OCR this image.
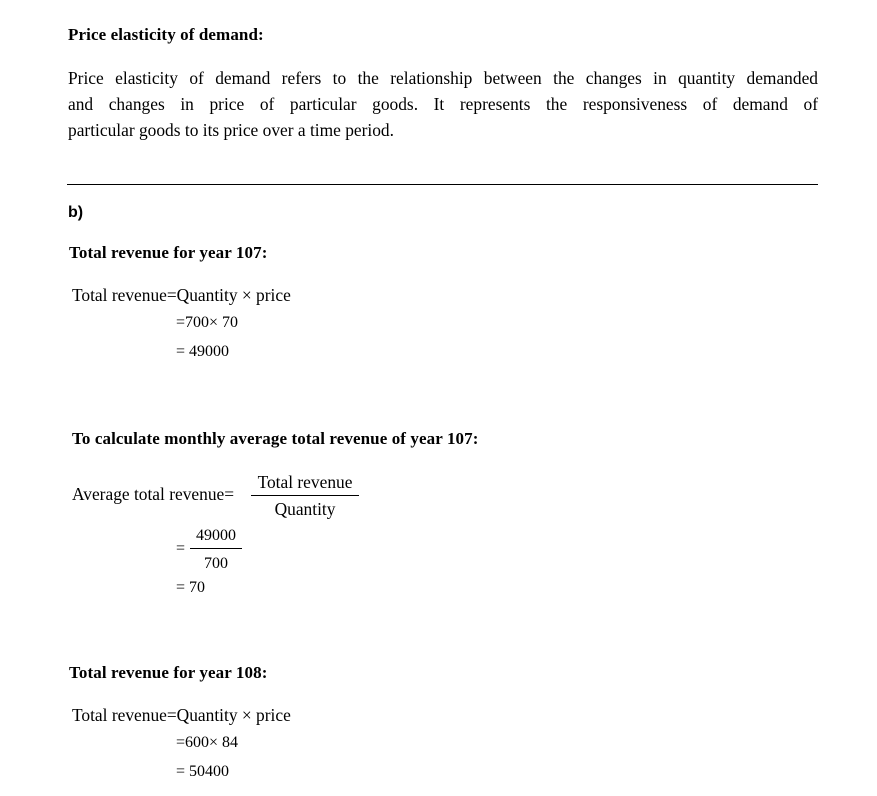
Price elasticity of demand:
Price elasticity of demand refers to the relationship between the changes in quantity demanded
and changes in price of particular goods. It represents the responsiveness of demand of
particular goods to its price over a time period.
b)
Total revenue for year 107:
Total revenue=Quantity × price
=700× 70
= 49000
To calculate monthly average total revenue of year 107:
Average total revenue=
Total revenue
Quantity
=
49000
700
= 70
Total revenue for year 108:
Total revenue=Quantity × price
=600× 84
= 50400
